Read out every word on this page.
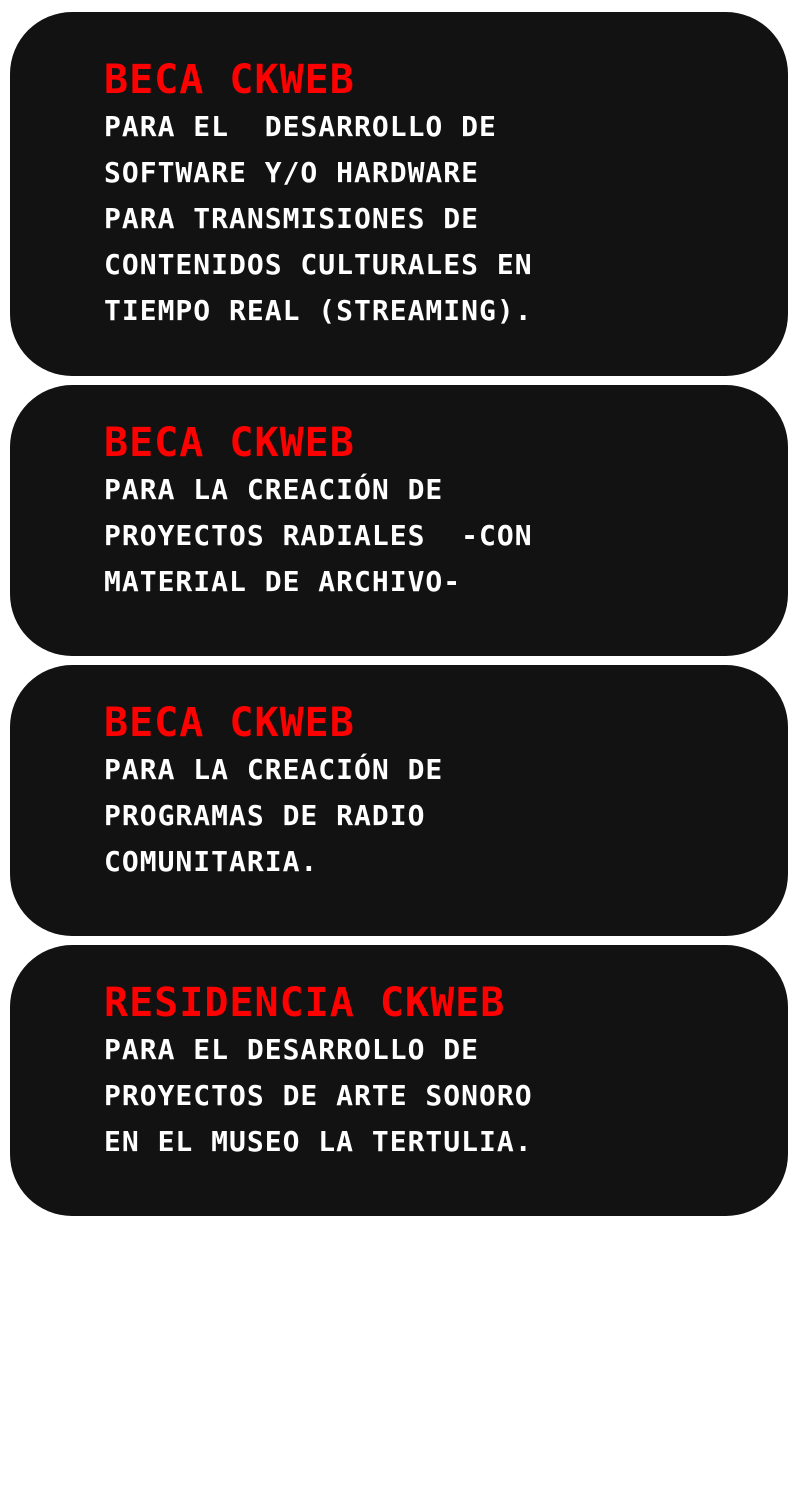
BECA CKWEB
PARA EL  DESARROLLO DE
SOFTWARE Y/O HARDWARE
PARA TRANSMISIONES DE
CONTENIDOS CULTURALES EN
TIEMPO REAL (STREAMING).
BECA CKWEB
PARA LA CREACIÓN DE
PROYECTOS RADIALES  -CON
MATERIAL DE ARCHIVO-
BECA CKWEB
PARA LA CREACIÓN DE
PROGRAMAS DE RADIO
COMUNITARIA.
RESIDENCIA CKWEB
PARA EL DESARROLLO DE
PROYECTOS DE ARTE SONORO
EN EL MUSEO LA TERTULIA.
